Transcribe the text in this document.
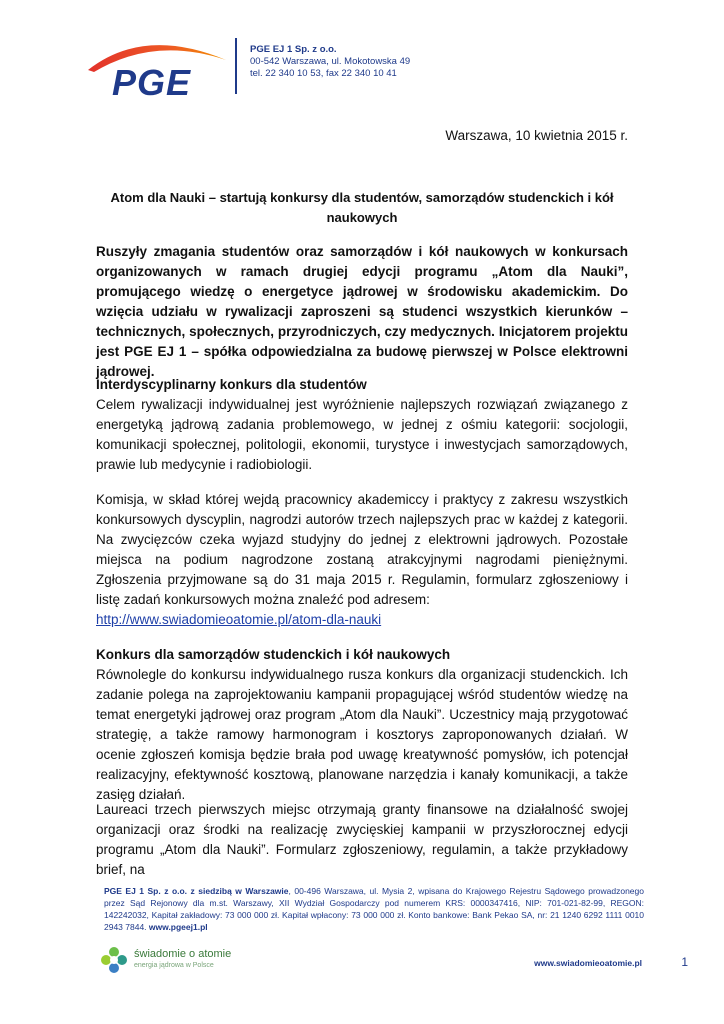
PGE
PGE EJ 1 Sp. z o.o.
00-542 Warszawa, ul. Mokotowska 49
tel. 22 340 10 53, fax 22 340 10 41
Warszawa, 10 kwietnia 2015 r.
Atom dla Nauki – startują konkursy dla studentów, samorządów studenckich i kół naukowych
Ruszyły zmagania studentów oraz samorządów i kół naukowych w konkursach organizowanych w ramach drugiej edycji programu „Atom dla Nauki”, promującego wiedzę o energetyce jądrowej w środowisku akademickim. Do wzięcia udziału w rywalizacji zaproszeni są studenci wszystkich kierunków – technicznych, społecznych, przyrodniczych, czy medycznych. Inicjatorem projektu jest PGE EJ 1 – spółka odpowiedzialna za budowę pierwszej w Polsce elektrowni jądrowej.
Interdyscyplinarny konkurs dla studentów

Celem rywalizacji indywidualnej jest wyróżnienie najlepszych rozwiązań związanego z energetyką jądrową zadania problemowego, w jednej z ośmiu kategorii: socjologii, komunikacji społecznej, politologii, ekonomii, turystyce i inwestycjach samorządowych, prawie lub medycynie i radiobiologii.

Komisja, w skład której wejdą pracownicy akademiccy i praktycy z zakresu wszystkich konkursowych dyscyplin, nagrodzi autorów trzech najlepszych prac w każdej z kategorii. Na zwycięzców czeka wyjazd studyjny do jednej z elektrowni jądrowych. Pozostałe miejsca na podium nagrodzone zostaną atrakcyjnymi nagrodami pieniężnymi. Zgłoszenia przyjmowane są do 31 maja 2015 r. Regulamin, formularz zgłoszeniowy i listę zadań konkursowych można znaleźć pod adresem:

http://www.swiadomieoatomie.pl/atom-dla-nauki
Konkurs dla samorządów studenckich i kół naukowych

Równolegle do konkursu indywidualnego rusza konkurs dla organizacji studenckich. Ich zadanie polega na zaprojektowaniu kampanii propagującej wśród studentów wiedzę na temat energetyki jądrowej oraz program „Atom dla Nauki”. Uczestnicy mają przygotować strategię, a także ramowy harmonogram i kosztorys zaproponowanych działań. W ocenie zgłoszeń komisja będzie brała pod uwagę kreatywność pomysłów, ich potencjał realizacyjny, efektywność kosztową, planowane narzędzia i kanały komunikacji, a także zasięg działań.

Laureaci trzech pierwszych miejsc otrzymają granty finansowe na działalność swojej organizacji oraz środki na realizację zwycięskiej kampanii w przyszłorocznej edycji programu „Atom dla Nauki”. Formularz zgłoszeniowy, regulamin, a także przykładowy brief, na

PGE EJ 1 Sp. z o.o. z siedzibą w Warszawie, 00-496 Warszawa, ul. Mysia 2, wpisana do Krajowego Rejestru Sądowego prowadzonego przez Sąd Rejonowy dla m.st. Warszawy, XII Wydział Gospodarczy pod numerem KRS: 0000347416, NIP: 701-021-82-99, REGON: 142242032, Kapitał zakładowy: 73 000 000 zł. Kapitał wpłacony: 73 000 000 zł. Konto bankowe: Bank Pekao SA, nr: 21 1240 6292 1111 0010 2943 7844. www.pgeej1.pl
świadomie o atomie
energia jądrowa w Polsce	www.swiadomieoatomie.pl	1
